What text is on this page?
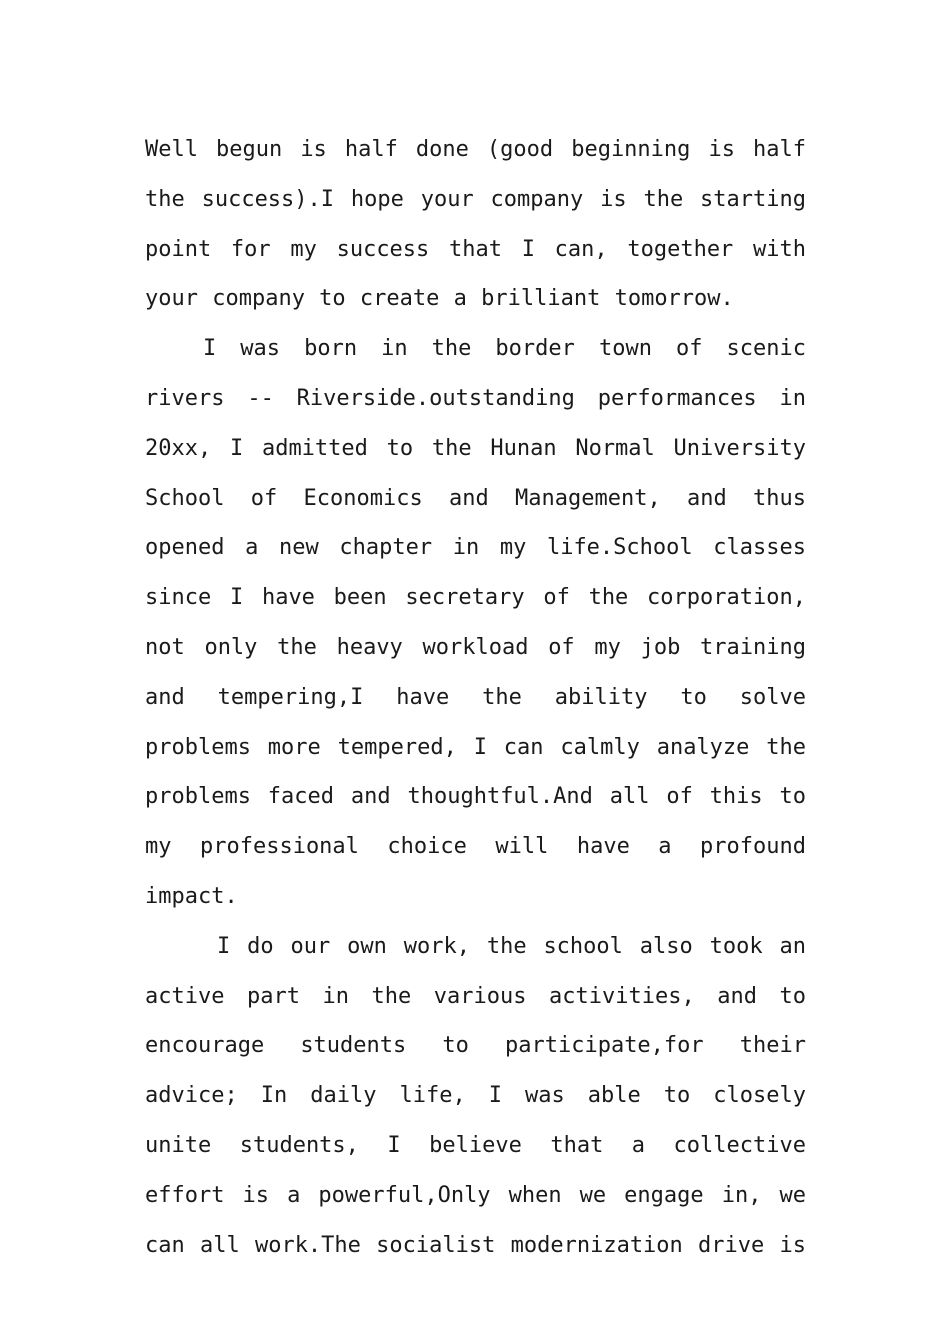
Well begun is half done (good beginning is half the success).I hope your company is the starting point for my success that I can, together with your company to create a brilliant tomorrow.

I was born in the border town of scenic rivers -- Riverside.outstanding performances in 20xx, I admitted to the Hunan Normal University School of Economics and Management, and thus opened a new chapter in my life.School classes since I have been secretary of the corporation, not only the heavy workload of my job training and tempering,I have the ability to solve problems more tempered, I can calmly analyze the problems faced and thoughtful.And all of this to my professional choice will have a profound impact.

I do our own work, the school also took an active part in the various activities, and to encourage students to participate,for their advice; In daily life, I was able to closely unite students, I believe that a collective effort is a powerful,Only when we engage in, we can all work.The socialist modernization drive is
